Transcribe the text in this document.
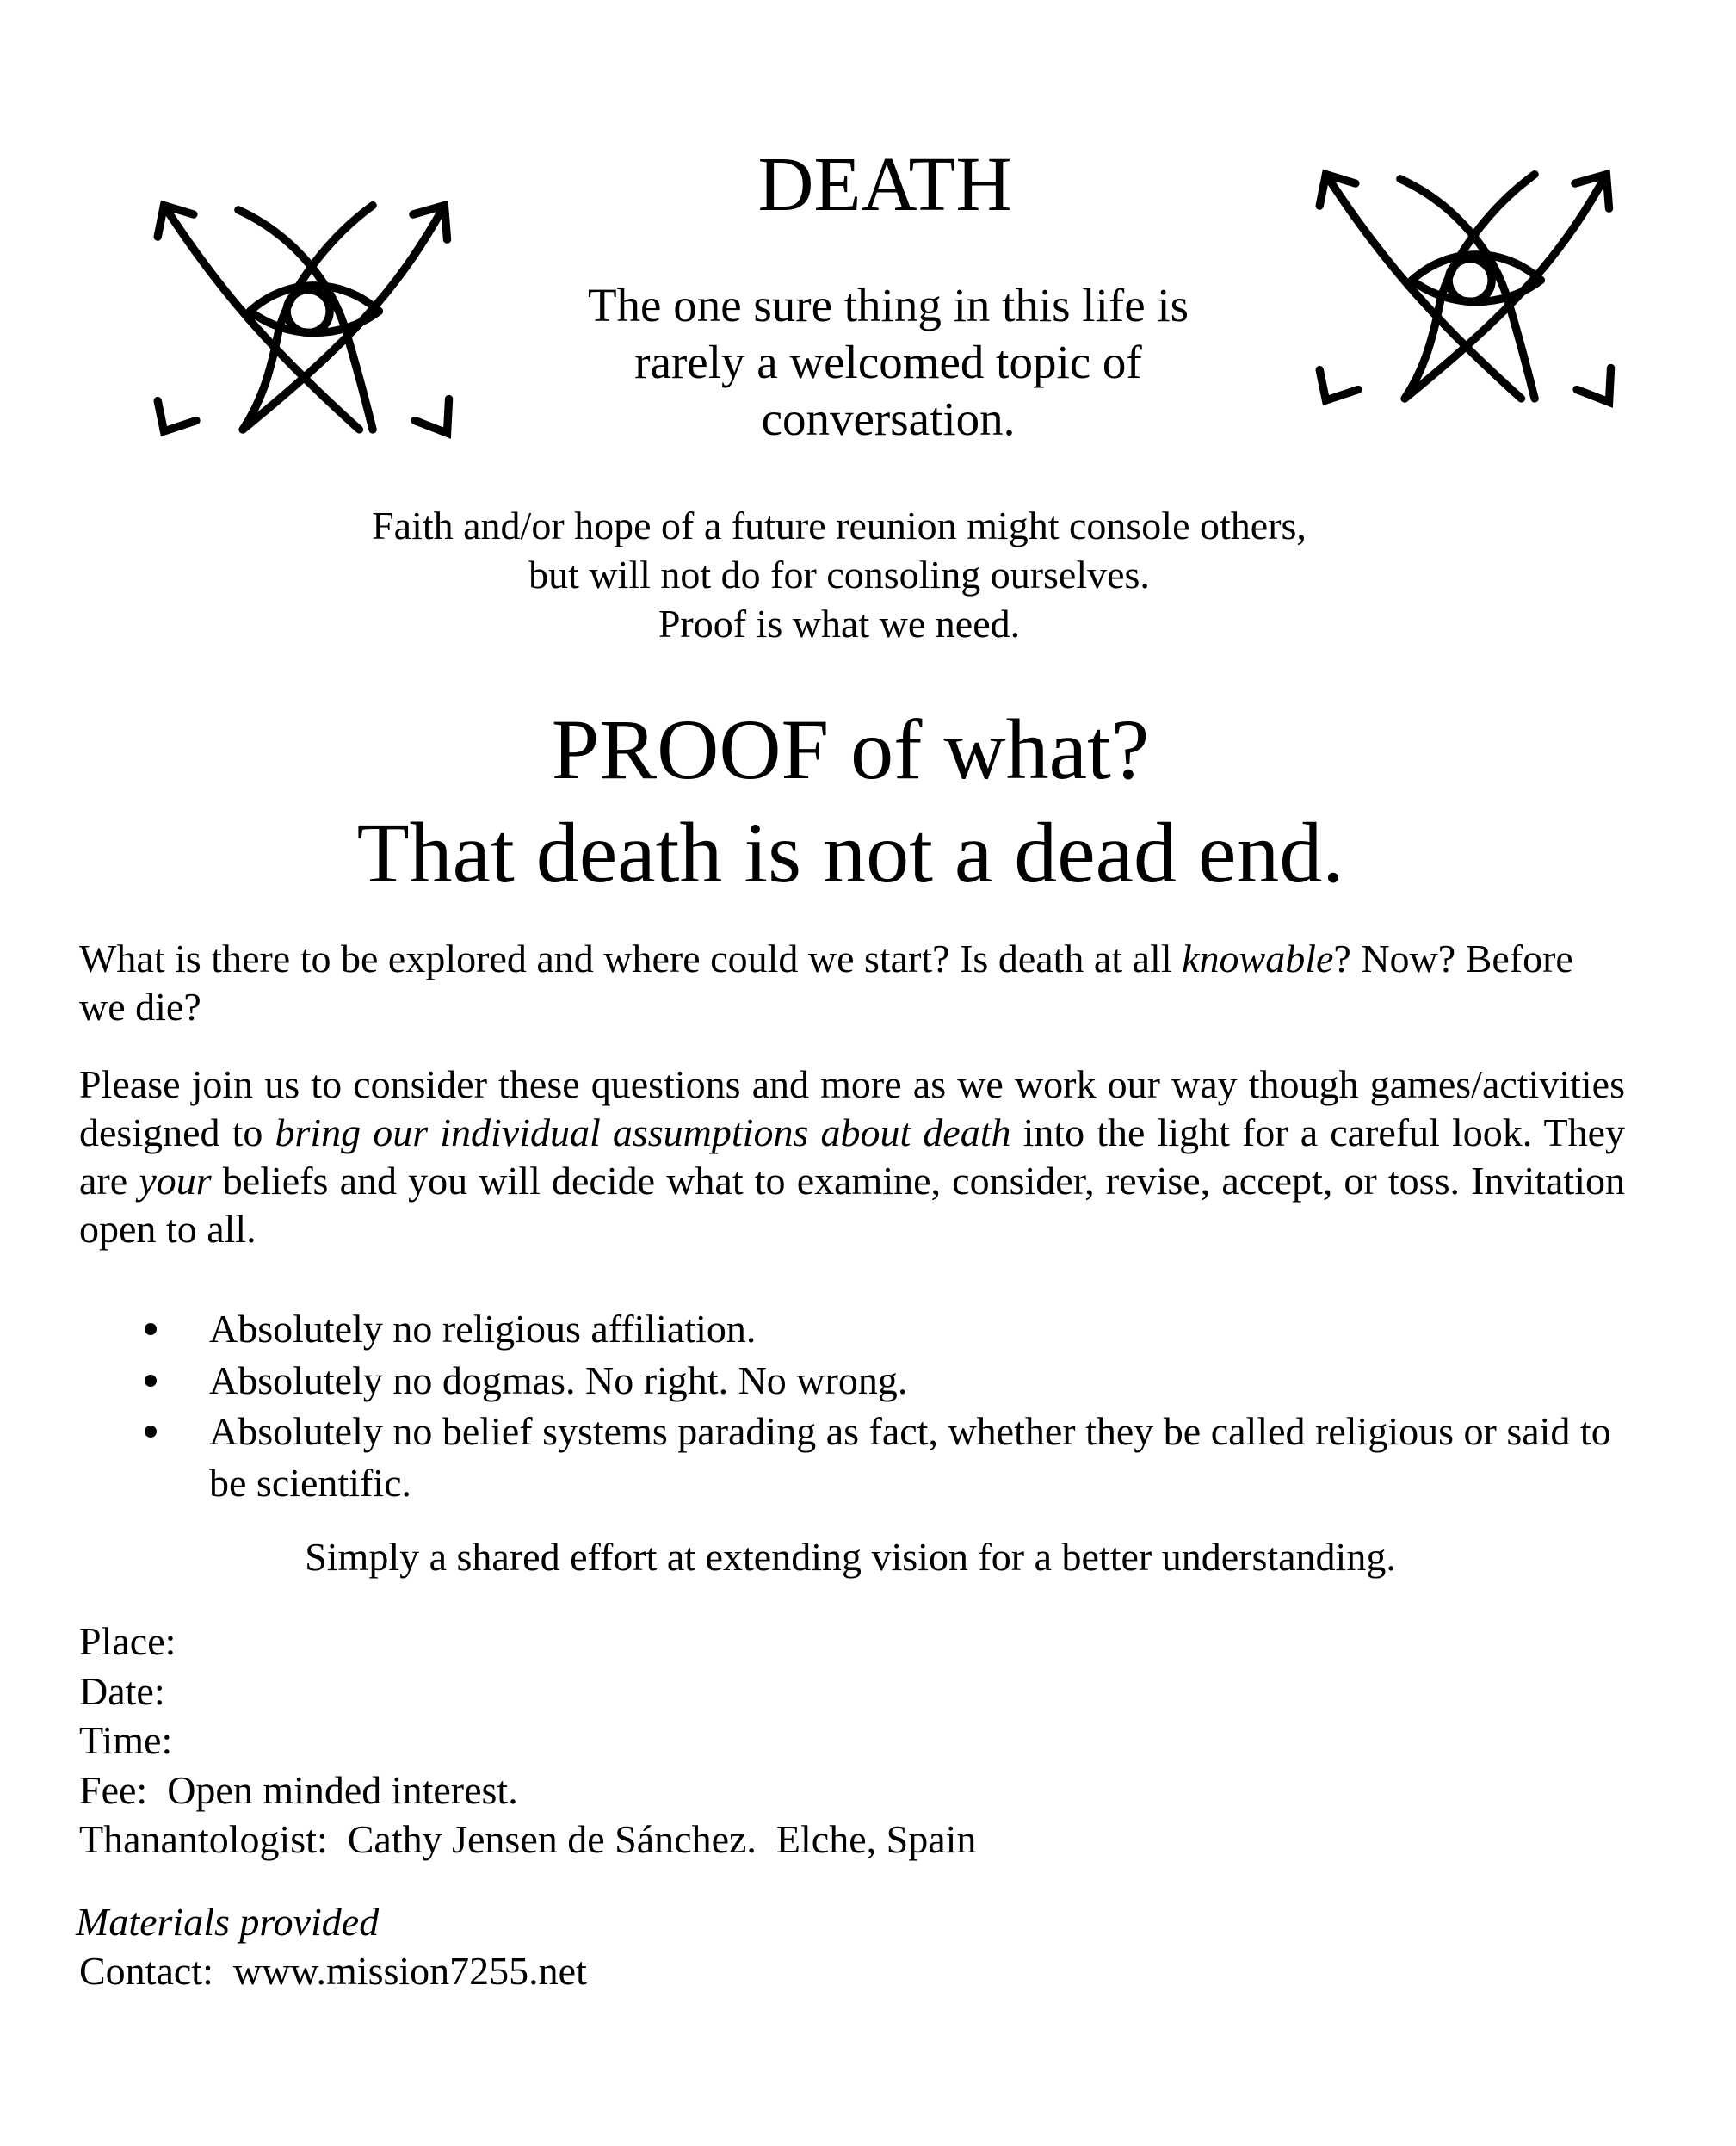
DEATH
The one sure thing in this life is
rarely a welcomed topic of
conversation.
Faith and/or hope of a future reunion might console others,
but will not do for consoling ourselves.
Proof is what we need.
PROOF of what?
That death is not a dead end.
What is there to be explored and where could we start? Is death at all knowable? Now? Before we die?
Please join us to consider these questions and more as we work our way though games/activities designed to bring our individual assumptions about death into the light for a careful look. They are your beliefs and you will decide what to examine, consider, revise, accept, or toss. Invitation open to all.
Absolutely no religious affiliation.
Absolutely no dogmas. No right. No wrong.
Absolutely no belief systems parading as fact, whether they be called religious or said to be scientific.
Simply a shared effort at extending vision for a better understanding.
Place:
Date:
Time:
Fee:  Open minded interest.
Thanantologist:  Cathy Jensen de Sánchez.  Elche, Spain
Materials provided
Contact:  www.mission7255.net
